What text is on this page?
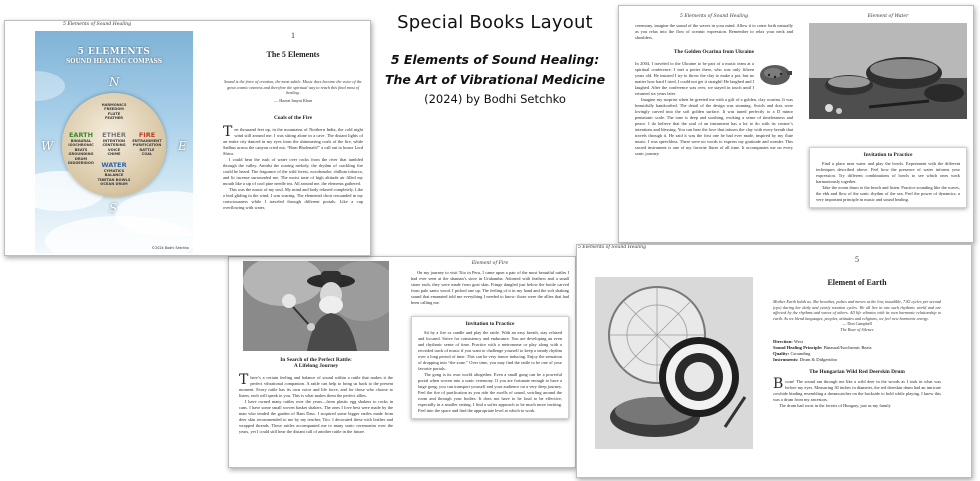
Special Books Layout
5 Elements of Sound Healing:
The Art of Vibrational Medicine
(2024) by Bodhi Setchko
5 Elements of Sound Healing
5 ELEMENTS
SOUND HEALING COMPASS
N
S
W	E
HARMONICS
FREEDOM
FLUTE
FEATHER
EARTH
BINAURAL
ISOCHRONIC BEATS
GROUNDING
DRUM
DIDGERIDOO
ETHER
INTENTION
CENTERING
VOICE
CHIME
FIRE
ENTRAINMENT
PURIFICATION
RATTLE
COAL
WATER
CYMATICS
BALANCE
TIBETAN BOWLS
OCEAN DRUM
©2024 Bodhi Setchko
1
The 5 Elements
Sound is the force of creation, the most subtle. Music does become the voice of the great cosmic oneness and therefore the spiritual way to reach this final most of healing.
— Hazrat Inayat Khan
Coals of the Fire
Ten thousand feet up, in the mountains of Northern India, the cold night wind still around me. I was sitting alone in a cave. The distant lights of an entire city danced in my eyes from the shimmering coals of the fire, while Sadhus across the canyon cried out, “Bom Bholenath!” a call out to honor Lord Shiva.
I could hear the rush of water over rocks from the river that tumbled through the valley. Amidst the roaring melody, the rhythm of crackling fire could be heard. The fragrance of the wild forest, woodsmoke, chillum tobacco, and lit incense surrounded me. The moist taste of high altitude air filled my mouth like a sip of cool pine needle tea. All around me, the elements gathered.
This was the music of my soul. My mind and body relaxed completely. Like a bird gliding in the wind, I was soaring. The elemental choir resounded in my consciousness while I traveled through different portals. Like a cup overflowing with water,
In Search of the Perfect Rattle:
A Lifelong Journey
There’s a certain feeling and balance of sound within a rattle that makes it the perfect vibrational companion. A rattle can help to bring us back to the present moment. Every rattle has its own voice and life force, and for those who choose to listen, each will speak to you. This is what makes them the perfect allies.
I have owned many rattles over the years—from plastic egg shakers to rocks in cans. I have some small woven basket shakers. The ones I love best were made by the man who tended the garden of Ram Dass. I acquired some bigger rattles made from deer skin recommended to me by my teacher, Tito. I decorated these with leather and wrapped threads. These rattles accompanied me to many sonic ceremonies over the years, yet I could still hear the distant call of another rattle in the future.
Element of Fire
On my journey to visit Tito in Peru, I came upon a pair of the most beautiful rattles I had ever seen at the shaman’s store in Urubamba. Adorned with feathers and a small stone each, they were made from goat skin. Fringe dangled just below the bottle carved from palo santo wood. I picked one up. The feeling of it in my hand and the soft shaking sound that emanated told me everything I needed to know: those were the allies that had been calling me.
Invitation to Practice
Sit by a fire or candle and play the rattle. With an easy breath, stay relaxed and focused. Strive for consistency and endurance. You are developing an even and rhythmic sense of time. Practice with a metronome or play along with a recorded track of music if you want to challenge yourself to keep a steady rhythm over a long period of time. This can be very trance inducing. Enjoy the sensation of dropping into “the zone.” Over time, you may find the rattle to be one of your favorite portals.
The gong is its own world altogether. Even a small gong can be a powerful portal when woven into a sonic ceremony. If you are fortunate enough to have a large gong, you can transport yourself and your audience on a very deep journey. Feel the fire of purification as you ride the swells of sound, swirling around the room and through your bodies. It does not have to be loud to be effective, especially in a smaller setting. I find a softer approach to be much more inviting. Feel into the space and find the appropriate level at which to work.
5 Elements of Sound Healing
ceremony, imagine the sound of the waves in your mind. Allow it to come forth naturally as you relax into the flow of oceanic expression. Remember to relax your neck and shoulders.
The Golden Ocarina from Ukraine
In 2004, I traveled to the Ukraine to be part of a music team at a spiritual conference. I met a potter there, who was only fifteen years old. He insisted I try to throw the clay to make a pot, but no matter how hard I tried, I could not get it straight! He laughed and I laughed. After the conference was over, we stayed in touch until I returned six years later.
Imagine my surprise when he greeted me with a gift of a golden, clay ocarina. It was beautifully handcrafted. The detail of the design was stunning. Swirls and dots were lovingly carved into the soft golden surface. It was tuned perfectly to a D minor pentatonic scale. The tone is deep and soothing, evoking a sense of timelessness and peace. I do believe that the soul of an instrument has a lot to do with its creator’s intentions and blessing. You can hear the love that infuses the clay with every breath that travels through it. He said it was the first one he had ever made, inspired by my flute music. I was speechless. There were no words to express my gratitude and wonder. This sacred instrument is one of my favorite flutes of all time. It accompanies me on every sonic journey.
Element of Water
Invitation to Practice
Find a place near water and play the bowls. Experiment with the different techniques described above. Feel how the presence of water informs your expression. Try different combinations of bowls to see which ones work harmoniously together.
Take the ocean drum to the beach and listen. Practice sounding like the waves, the ebb and flow of the sonic rhythm of the sea. Feel the power of dynamics, a very important principle in music and sound healing.
5 Elements of Sound Healing
5
Element of Earth
Mother Earth holds us. She breathes, pulses and moves at the low, inaudible, 7.82 cycles per second (cps) during her daily and yearly rotation cycles. We all live in one such rhythmic world and are affected by the rhythms and waves of others. All life vibrates with its own harmonic relationship to earth. As we blend languages, peoples, attitudes and religions, we feel new harmonic energy.
— Don Campbell
The Roar of Silence
Direction: West
Sound Healing Principle: Binaural/Isochronic Beats
Quality: Grounding
Instruments: Drum & Didgeridoo
The Hungarian Wild Red Deerskin Drum
Boom! The sound ran through me like a wild deer in the woods as I took in what was before my eyes. Measuring 30 inches in diameter, the red deerskin drum had an intricate cowhide binding resembling a dreamcatcher on the backside to hold while playing. I knew this was a drum from my ancestors.
The drum had roots in the forests of Hungary, just as my family
